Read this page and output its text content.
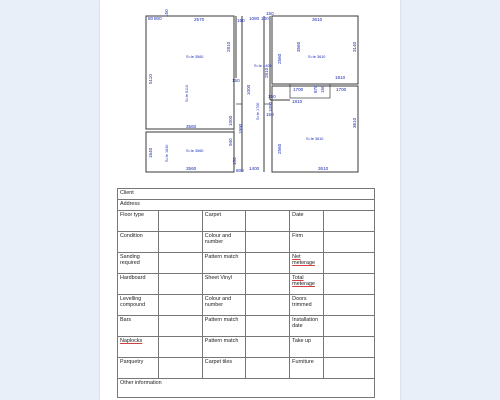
80 800
150
2570	150 1080 100
150
3610
5110
2810
150
1000
2810
2560
3140
1810
1700
1810
870 150 1700
150
3560
1000
1990
150
1090
940
1640
3560
150
800 1400
2560
3610
3610
3560
S=Ie 3560	S=Ie 3610
S=Ie 3560
S=Ie 3610
S=Ie 1400
S=Ie 5110
S=Ie 1700
S=Ie 1640
Client					
Address					
Floor type		Carpet		Date	
Condition		Colour and number		Firm	
Sanding required		Pattern match		Net meterage	
Hardboard		Sheet Vinyl		Total meterage	
Levelling compound		Colour and number		Doors trimmed	
Bars		Pattern match		Installation date	
Naplocks		Pattern match		Take up	
Parquetry		Carpet tiles		Furniture	
Other information					
